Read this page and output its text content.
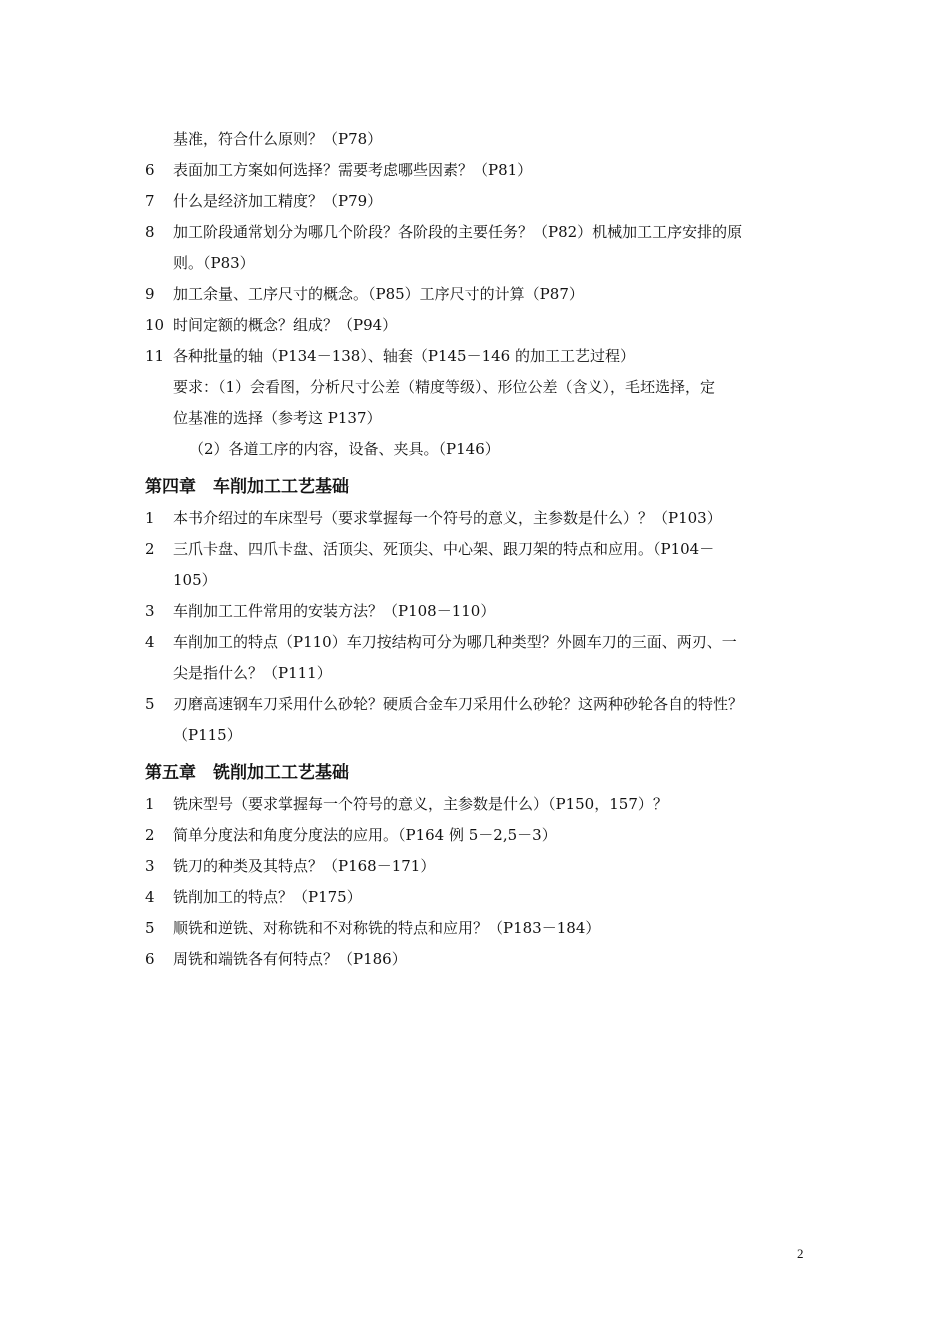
基准，符合什么原则？（P78）
6	表面加工方案如何选择？需要考虑哪些因素？（P81）
7	什么是经济加工精度？（P79）
8	加工阶段通常划分为哪几个阶段？各阶段的主要任务？（P82）机械加工工序安排的原
则。（P83）
9	加工余量、工序尺寸的概念。（P85）工序尺寸的计算（P87）
10 时间定额的概念？组成？（P94）
11 各种批量的轴（P134－138）、轴套（P145－146 的加工工艺过程）
要求：（1）会看图，分析尺寸公差（精度等级）、形位公差（含义），毛坯选择，定
位基准的选择（参考这 P137）
（2）各道工序的内容，设备、夹具。（P146）
第四章　车削加工工艺基础
1	本书介绍过的车床型号（要求掌握每一个符号的意义，主参数是什么）？（P103）
2	三爪卡盘、四爪卡盘、活顶尖、死顶尖、中心架、跟刀架的特点和应用。（P104－
105）
3	车削加工工件常用的安装方法？（P108－110）
4	车削加工的特点（P110）车刀按结构可分为哪几种类型？外圆车刀的三面、两刃、一
尖是指什么？（P111）
5	刃磨高速钢车刀采用什么砂轮？硬质合金车刀采用什么砂轮？这两种砂轮各自的特性？
（P115）
第五章　铣削加工工艺基础
1	铣床型号（要求掌握每一个符号的意义，主参数是什么）（P150，157）？
2	简单分度法和角度分度法的应用。（P164 例 5－2,5－3）
3	铣刀的种类及其特点？（P168－171）
4	铣削加工的特点？（P175）
5	顺铣和逆铣、对称铣和不对称铣的特点和应用？（P183－184）
6	周铣和端铣各有何特点？（P186）
2
